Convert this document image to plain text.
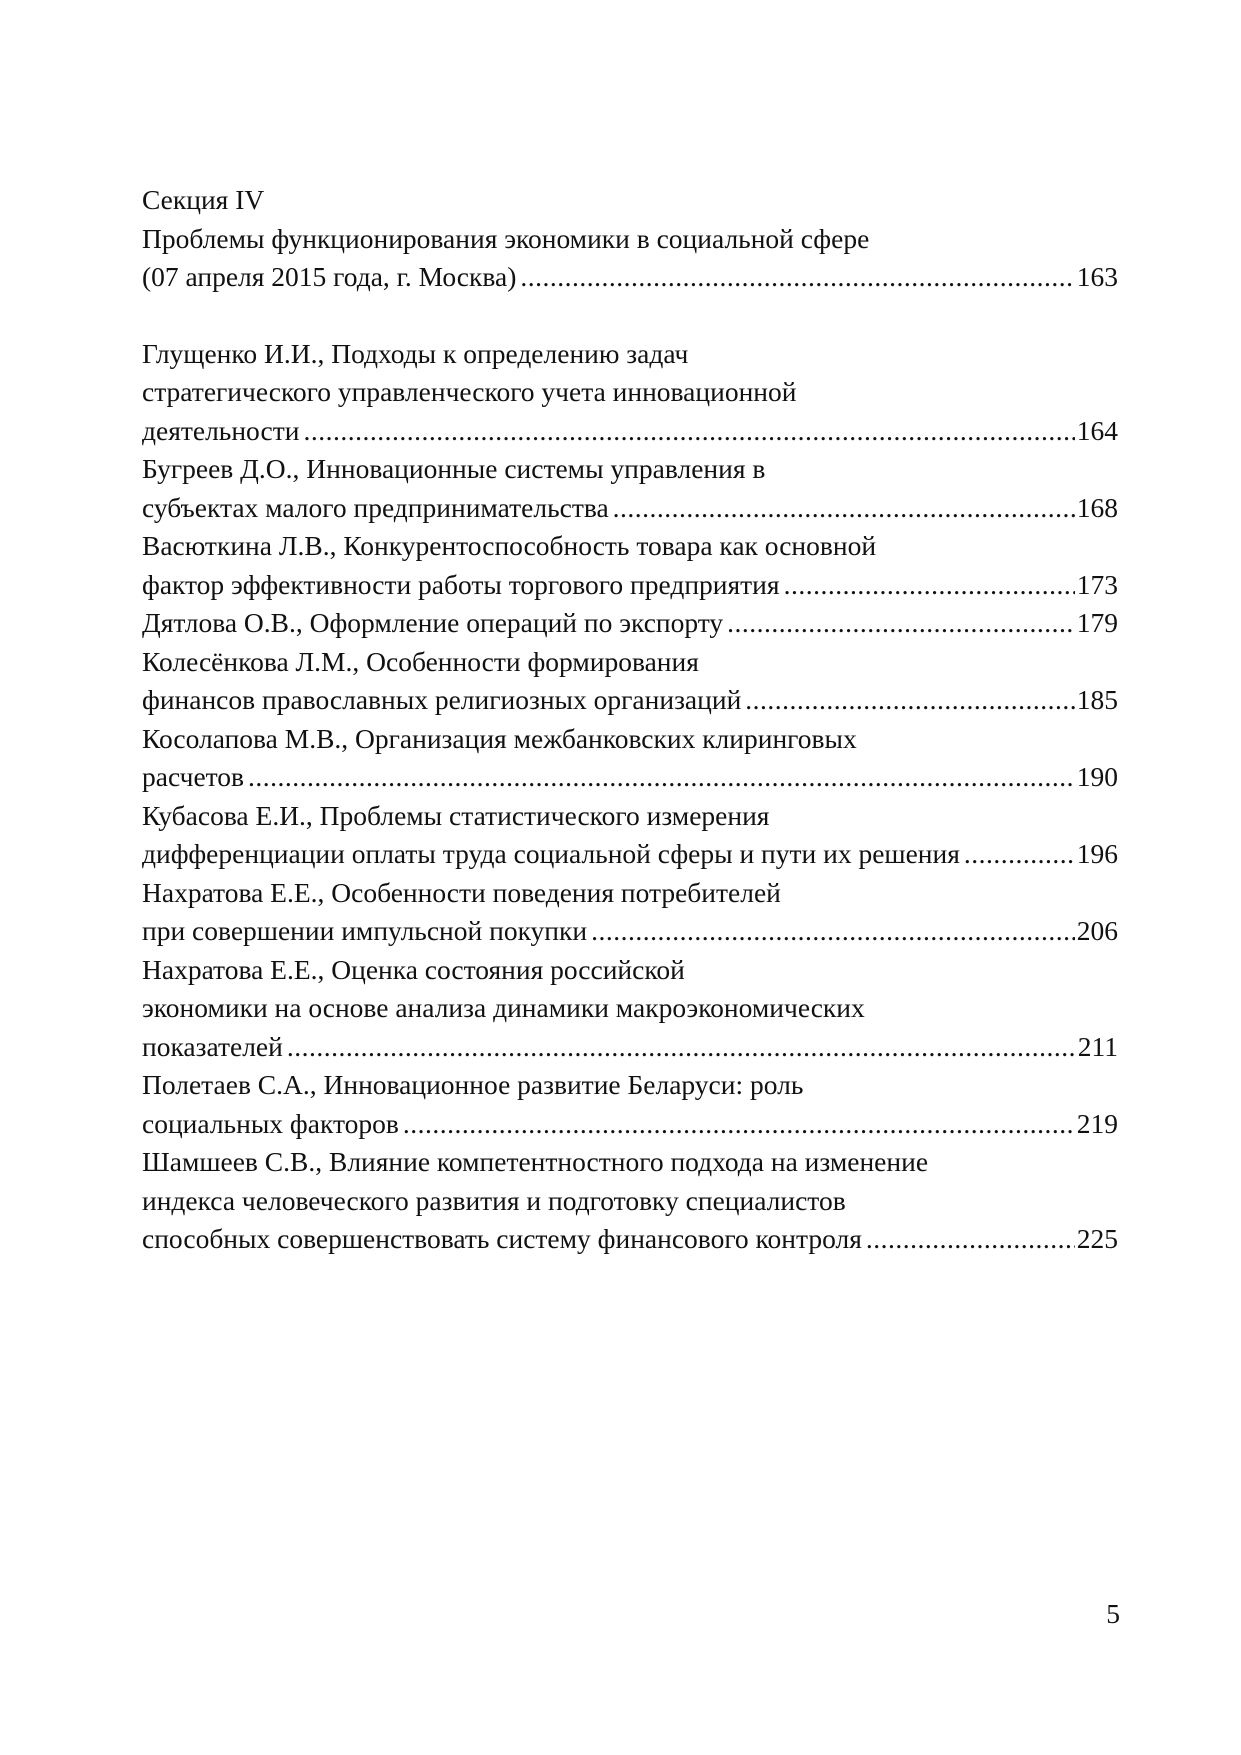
Секция IV
Проблемы функционирования экономики в социальной сфере
(07 апреля 2015 года, г. Москва) .....	163
Глущенко И.И., Подходы к определению задач
стратегического управленческого учета инновационной
деятельности .....	164
Бугреев Д.О., Инновационные системы управления в
субъектах малого предпринимательства .....	168
Васюткина Л.В., Конкурентоспособность товара как основной
фактор эффективности работы торгового предприятия .....	173
Дятлова О.В., Оформление операций по экспорту .....	179
Колесёнкова Л.М., Особенности формирования
финансов православных религиозных организаций .....	185
Косолапова М.В., Организация межбанковских клиринговых
расчетов .....	190
Кубасова Е.И., Проблемы статистического измерения
дифференциации оплаты труда социальной сферы и пути их решения .....	196
Нахратова Е.Е., Особенности поведения потребителей
при совершении импульсной покупки .....	206
Нахратова Е.Е., Оценка состояния российской
экономики на основе анализа динамики макроэкономических
показателей .....	211
Полетаев С.А., Инновационное развитие Беларуси: роль
социальных факторов .....	219
Шамшеев С.В., Влияние компетентностного подхода на изменение
индекса человеческого развития и подготовку специалистов
способных совершенствовать систему финансового контроля .....	225
5
